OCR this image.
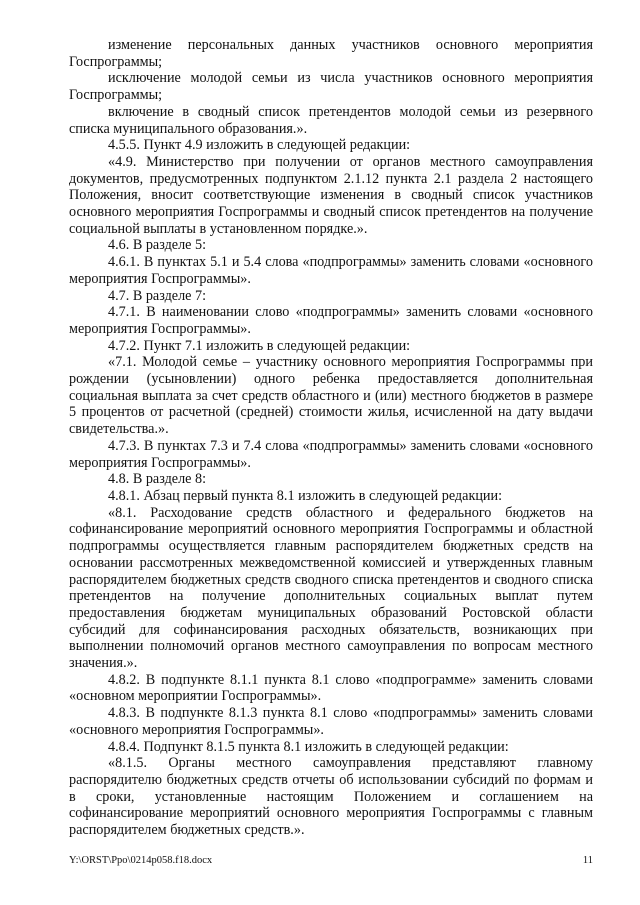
изменение персональных данных участников основного мероприятия Госпрограммы;

исключение молодой семьи из числа участников основного мероприятия Госпрограммы;

включение в сводный список претендентов молодой семьи из резервного списка муниципального образования.».

4.5.5. Пункт 4.9 изложить в следующей редакции:

«4.9. Министерство при получении от органов местного самоуправления документов, предусмотренных подпунктом 2.1.12 пункта 2.1 раздела 2 настоящего Положения, вносит соответствующие изменения в сводный список участников основного мероприятия Госпрограммы и сводный список претендентов на получение социальной выплаты в установленном порядке.».

4.6. В разделе 5:

4.6.1. В пунктах 5.1 и 5.4 слова «подпрограммы» заменить словами «основного мероприятия Госпрограммы».

4.7. В разделе 7:

4.7.1. В наименовании слово «подпрограммы» заменить словами «основного мероприятия Госпрограммы».

4.7.2. Пункт 7.1 изложить в следующей редакции:

«7.1. Молодой семье – участнику основного мероприятия Госпрограммы при рождении (усыновлении) одного ребенка предоставляется дополнительная социальная выплата за счет средств областного и (или) местного бюджетов в размере 5 процентов от расчетной (средней) стоимости жилья, исчисленной на дату выдачи свидетельства.».

4.7.3. В пунктах 7.3 и 7.4 слова «подпрограммы» заменить словами «основного мероприятия Госпрограммы».

4.8. В разделе 8:

4.8.1. Абзац первый пункта 8.1 изложить в следующей редакции:

«8.1. Расходование средств областного и федерального бюджетов на софинансирование мероприятий основного мероприятия Госпрограммы и областной подпрограммы осуществляется главным распорядителем бюджетных средств на основании рассмотренных межведомственной комиссией и утвержденных главным распорядителем бюджетных средств сводного списка претендентов и сводного списка претендентов на получение дополнительных социальных выплат путем предоставления бюджетам муниципальных образований Ростовской области субсидий для софинансирования расходных обязательств, возникающих при выполнении полномочий органов местного самоуправления по вопросам местного значения.».

4.8.2. В подпункте 8.1.1 пункта 8.1 слово «подпрограмме» заменить словами «основном мероприятии Госпрограммы».

4.8.3. В подпункте 8.1.3 пункта 8.1 слово «подпрограммы» заменить словами «основного мероприятия Госпрограммы».

4.8.4. Подпункт 8.1.5 пункта 8.1 изложить в следующей редакции:

«8.1.5. Органы местного самоуправления представляют главному распорядителю бюджетных средств отчеты об использовании субсидий по формам и в сроки, установленные настоящим Положением и соглашением на софинансирование мероприятий основного мероприятия Госпрограммы с главным распорядителем бюджетных средств.».

Y:\ORST\Ppo\0214p058.f18.docx	11
